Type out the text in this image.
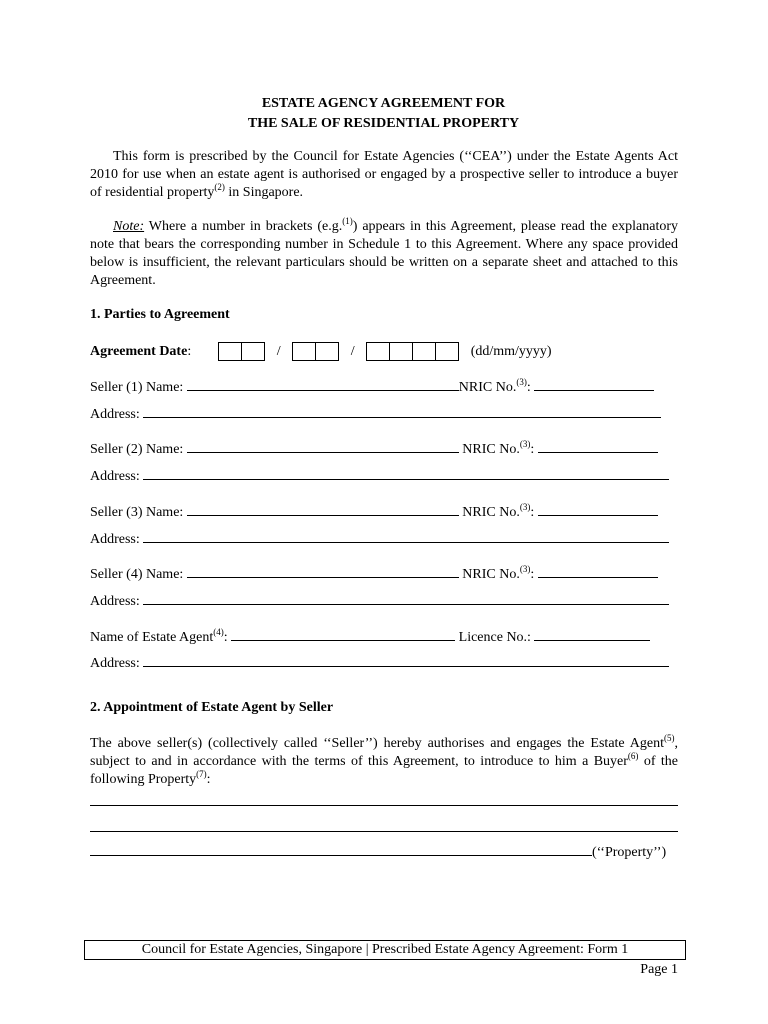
ESTATE AGENCY AGREEMENT FOR
THE SALE OF RESIDENTIAL PROPERTY
This form is prescribed by the Council for Estate Agencies (‘‘CEA’’) under the Estate Agents Act 2010 for use when an estate agent is authorised or engaged by a prospective seller to introduce a buyer of residential property$^{(2)}$ in Singapore.
Note: Where a number in brackets (e.g.$^{(1)}$) appears in this Agreement, please read the explanatory note that bears the corresponding number in Schedule 1 to this Agreement. Where any space provided below is insufficient, the relevant particulars should be written on a separate sheet and attached to this Agreement.
1. Parties to Agreement
Agreement Date:	/	/	(dd/mm/yyyy)
Seller (1) Name:	NRIC No.$^{(3)}$:
Address:
Seller (2) Name:	NRIC No.$^{(3)}$:
Address:
Seller (3) Name:	NRIC No.$^{(3)}$:
Address:
Seller (4) Name:	NRIC No.$^{(3)}$:
Address:
Name of Estate Agent$^{(4)}$:	Licence No.:
Address:
2. Appointment of Estate Agent by Seller
The above seller(s) (collectively called ‘‘Seller’’) hereby authorises and engages the Estate Agent$^{(5)}$, subject to and in accordance with the terms of this Agreement, to introduce to him a Buyer$^{(6)}$ of the following Property$^{(7)}$:
(‘‘Property’’)
Council for Estate Agencies, Singapore | Prescribed Estate Agency Agreement: Form 1
Page 1
